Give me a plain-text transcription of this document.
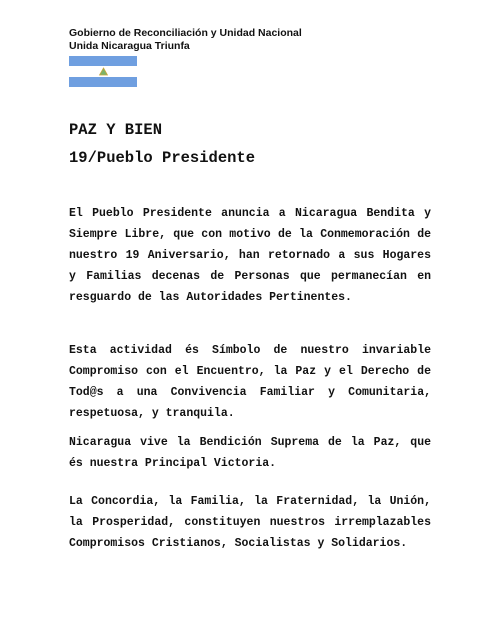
Gobierno de Reconciliación y Unidad Nacional
Unida Nicaragua Triunfa
PAZ Y BIEN
19/Pueblo Presidente

El Pueblo Presidente anuncia a Nicaragua Bendita y Siempre Libre, que con motivo de la Conmemoración de nuestro 19 Aniversario, han retornado a sus Hogares y Familias decenas de Personas que permanecían en resguardo de las Autoridades Pertinentes.

Esta actividad és Símbolo de nuestro invariable Compromiso con el Encuentro, la Paz y el Derecho de Tod@s a una Convivencia Familiar y Comunitaria, respetuosa, y tranquila.

Nicaragua vive la Bendición Suprema de la Paz, que és nuestra Principal Victoria.

La Concordia, la Familia, la Fraternidad, la Unión, la Prosperidad, constituyen nuestros irremplazables Compromisos Cristianos, Socialistas y Solidarios.
